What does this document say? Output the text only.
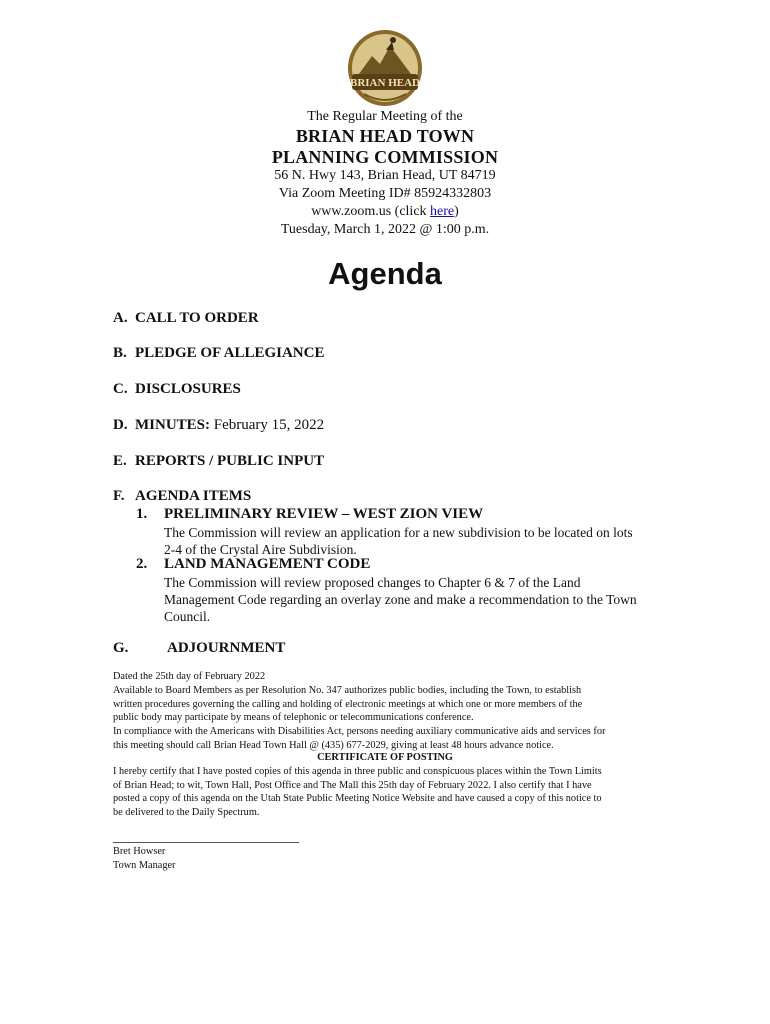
BRIAN HEAD
The Regular Meeting of the
BRIAN HEAD TOWN
PLANNING COMMISSION
56 N. Hwy 143, Brian Head, UT 84719
Via Zoom Meeting ID# 85924332803
www.zoom.us (click here)
Tuesday, March 1, 2022 @ 1:00 p.m.
Agenda
A. CALL TO ORDER
B. PLEDGE OF ALLEGIANCE
C. DISCLOSURES
D. MINUTES: February 15, 2022
E. REPORTS / PUBLIC INPUT
F. AGENDA ITEMS
1. PRELIMINARY REVIEW – WEST ZION VIEW
The Commission will review an application for a new subdivision to be located on lots
2-4 of the Crystal Aire Subdivision.
2. LAND MANAGEMENT CODE
The Commission will review proposed changes to Chapter 6 & 7 of the Land
Management Code regarding an overlay zone and make a recommendation to the Town
Council.
G.	ADJOURNMENT
Dated the 25th day of February 2022
Available to Board Members as per Resolution No. 347 authorizes public bodies, including the Town, to establish
written procedures governing the calling and holding of electronic meetings at which one or more members of the
public body may participate by means of telephonic or telecommunications conference.
In compliance with the Americans with Disabilities Act, persons needing auxiliary communicative aids and services for
this meeting should call Brian Head Town Hall @ (435) 677-2029, giving at least 48 hours advance notice.
CERTIFICATE OF POSTING
I hereby certify that I have posted copies of this agenda in three public and conspicuous places within the Town Limits
of Brian Head; to wit, Town Hall, Post Office and The Mall this 25th day of February 2022. I also certify that I have
posted a copy of this agenda on the Utah State Public Meeting Notice Website and have caused a copy of this notice to
be delivered to the Daily Spectrum.
Bret Howser
Town Manager
